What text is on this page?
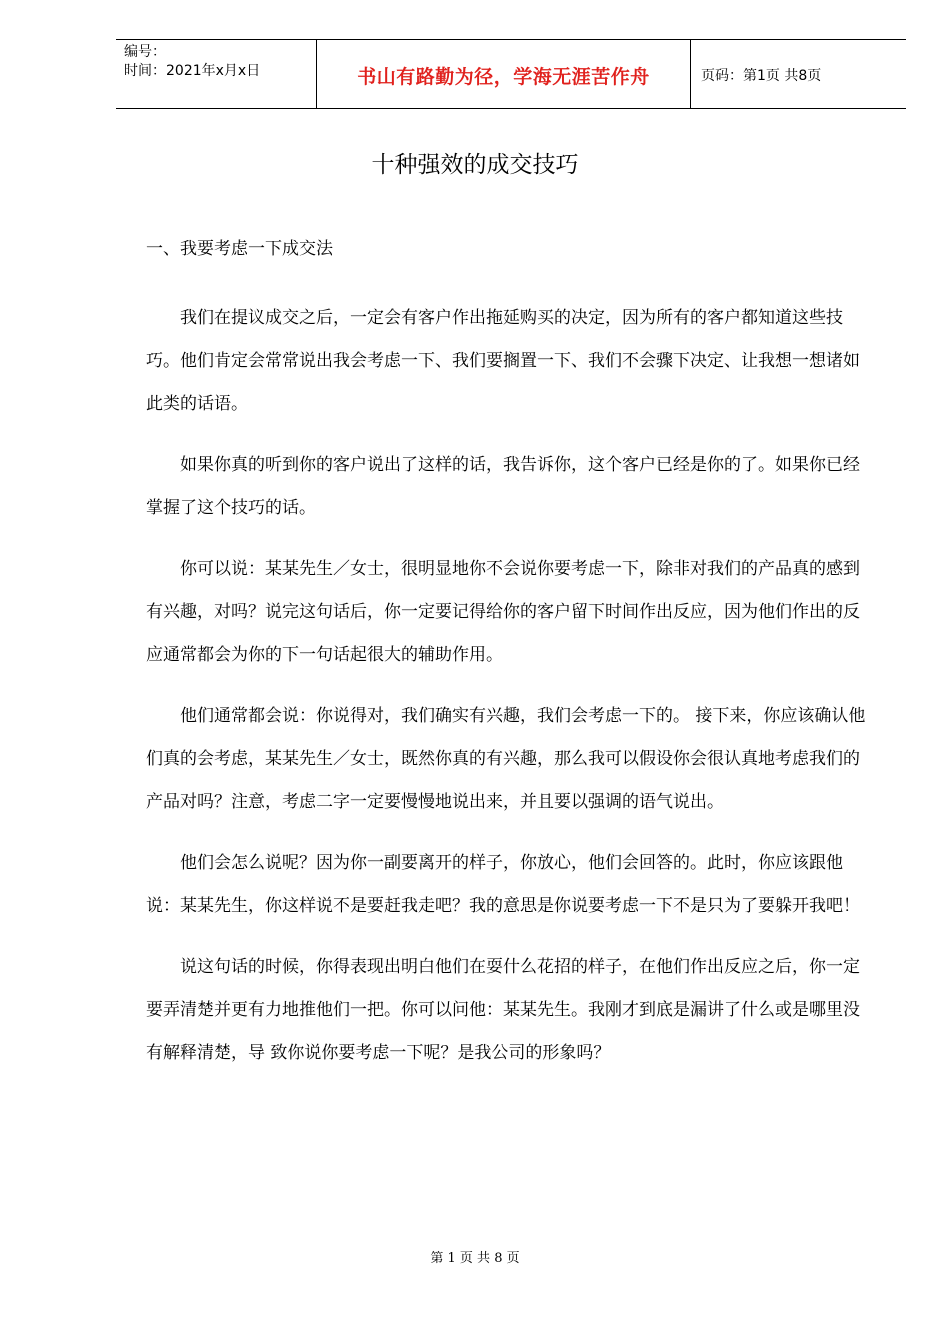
编号：
时间：2021年x月x日	书山有路勤为径，学海无涯苦作舟	页码：第1页 共8页
十种强效的成交技巧

一、我要考虑一下成交法

我们在提议成交之后，一定会有客户作出拖延购买的决定，因为所有的客户都知道这些技巧。他们肯定会常常说出我会考虑一下、我们要搁置一下、我们不会骤下决定、让我想一想诸如此类的话语。

如果你真的听到你的客户说出了这样的话，我告诉你，这个客户已经是你的了。如果你已经掌握了这个技巧的话。

你可以说：某某先生／女士，很明显地你不会说你要考虑一下，除非对我们的产品真的感到有兴趣，对吗？说完这句话后，你一定要记得给你的客户留下时间作出反应，因为他们作出的反应通常都会为你的下一句话起很大的辅助作用。

他们通常都会说：你说得对，我们确实有兴趣，我们会考虑一下的。 接下来，你应该确认他们真的会考虑，某某先生／女士，既然你真的有兴趣，那么我可以假设你会很认真地考虑我们的产品对吗？注意，考虑二字一定要慢慢地说出来，并且要以强调的语气说出。

他们会怎么说呢？因为你一副要离开的样子，你放心，他们会回答的。此时，你应该跟他说：某某先生，你这样说不是要赶我走吧？我的意思是你说要考虑一下不是只为了要躲开我吧！

说这句话的时候，你得表现出明白他们在耍什么花招的样子，在他们作出反应之后，你一定要弄清楚并更有力地推他们一把。你可以问他：某某先生。我刚才到底是漏讲了什么或是哪里没有解释清楚，导 致你说你要考虑一下呢？是我公司的形象吗？

第 1 页 共 8 页
